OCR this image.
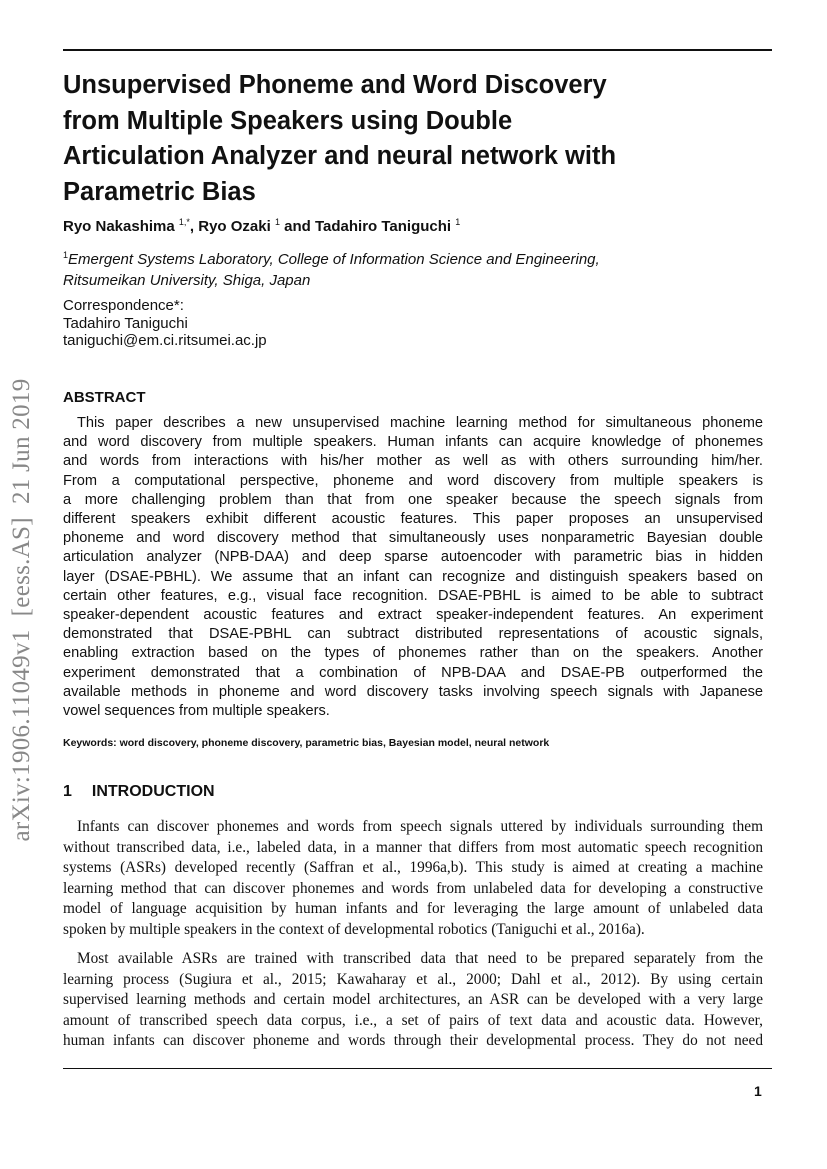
Unsupervised Phoneme and Word Discovery
from Multiple Speakers using Double
Articulation Analyzer and neural network with
Parametric Bias
Ryo Nakashima $^{1,*}$, Ryo Ozaki $^1$ and Tadahiro Taniguchi $^1$
$^1$Emergent Systems Laboratory, College of Information Science and Engineering,
Ritsumeikan University, Shiga, Japan
Correspondence*:
Tadahiro Taniguchi
taniguchi@em.ci.ritsumei.ac.jp
ABSTRACT
This paper describes a new unsupervised machine learning method for simultaneous phoneme
and word discovery from multiple speakers. Human infants can acquire knowledge of phonemes
and words from interactions with his/her mother as well as with others surrounding him/her.
From a computational perspective, phoneme and word discovery from multiple speakers is
a more challenging problem than that from one speaker because the speech signals from
different speakers exhibit different acoustic features. This paper proposes an unsupervised
phoneme and word discovery method that simultaneously uses nonparametric Bayesian double
articulation analyzer (NPB-DAA) and deep sparse autoencoder with parametric bias in hidden
layer (DSAE-PBHL). We assume that an infant can recognize and distinguish speakers based on
certain other features, e.g., visual face recognition. DSAE-PBHL is aimed to be able to subtract
speaker-dependent acoustic features and extract speaker-independent features. An experiment
demonstrated that DSAE-PBHL can subtract distributed representations of acoustic signals,
enabling extraction based on the types of phonemes rather than on the speakers. Another
experiment demonstrated that a combination of NPB-DAA and DSAE-PB outperformed the
available methods in phoneme and word discovery tasks involving speech signals with Japanese
vowel sequences from multiple speakers.
Keywords: word discovery, phoneme discovery, parametric bias, Bayesian model, neural network
1 INTRODUCTION
Infants can discover phonemes and words from speech signals uttered by individuals surrounding them
without transcribed data, i.e., labeled data, in a manner that differs from most automatic speech recognition
systems (ASRs) developed recently (Saffran et al., 1996a,b). This study is aimed at creating a machine
learning method that can discover phonemes and words from unlabeled data for developing a constructive
model of language acquisition by human infants and for leveraging the large amount of unlabeled data
spoken by multiple speakers in the context of developmental robotics (Taniguchi et al., 2016a).
Most available ASRs are trained with transcribed data that need to be prepared separately from the
learning process (Sugiura et al., 2015; Kawaharay et al., 2000; Dahl et al., 2012). By using certain
supervised learning methods and certain model architectures, an ASR can be developed with a very large
amount of transcribed speech data corpus, i.e., a set of pairs of text data and acoustic data. However,
human infants can discover phoneme and words through their developmental process. They do not need
arXiv:1906.11049v1  [eess.AS]  21 Jun 2019
1
